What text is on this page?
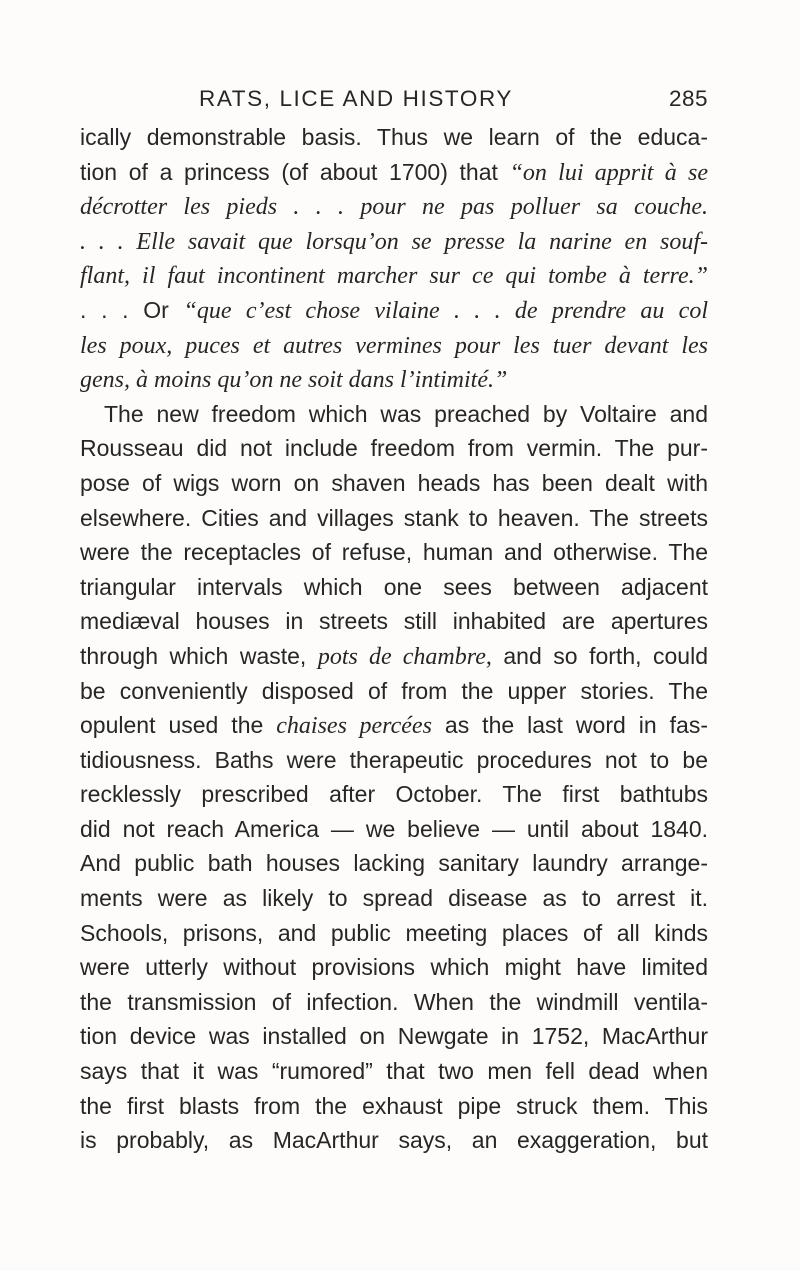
RATS, LICE AND HISTORY	285
ically demonstrable basis. Thus we learn of the educa-
tion of a princess (of about 1700) that “on lui apprit à se
décrotter les pieds . . . pour ne pas polluer sa couche.
. . . Elle savait que lorsqu’on se presse la narine en souf-
flant, il faut incontinent marcher sur ce qui tombe à terre.”
. . . Or “que c’est chose vilaine . . . de prendre au col
les poux, puces et autres vermines pour les tuer devant les
gens, à moins qu’on ne soit dans l’intimité.”
The new freedom which was preached by Voltaire and
Rousseau did not include freedom from vermin. The pur-
pose of wigs worn on shaven heads has been dealt with
elsewhere. Cities and villages stank to heaven. The streets
were the receptacles of refuse, human and otherwise. The
triangular intervals which one sees between adjacent
mediæval houses in streets still inhabited are apertures
through which waste, pots de chambre, and so forth, could
be conveniently disposed of from the upper stories. The
opulent used the chaises percées as the last word in fas-
tidiousness. Baths were therapeutic procedures not to be
recklessly prescribed after October. The first bathtubs
did not reach America — we believe — until about 1840.
And public bath houses lacking sanitary laundry arrange-
ments were as likely to spread disease as to arrest it.
Schools, prisons, and public meeting places of all kinds
were utterly without provisions which might have limited
the transmission of infection. When the windmill ventila-
tion device was installed on Newgate in 1752, MacArthur
says that it was “rumored” that two men fell dead when
the first blasts from the exhaust pipe struck them. This
is probably, as MacArthur says, an exaggeration, but
